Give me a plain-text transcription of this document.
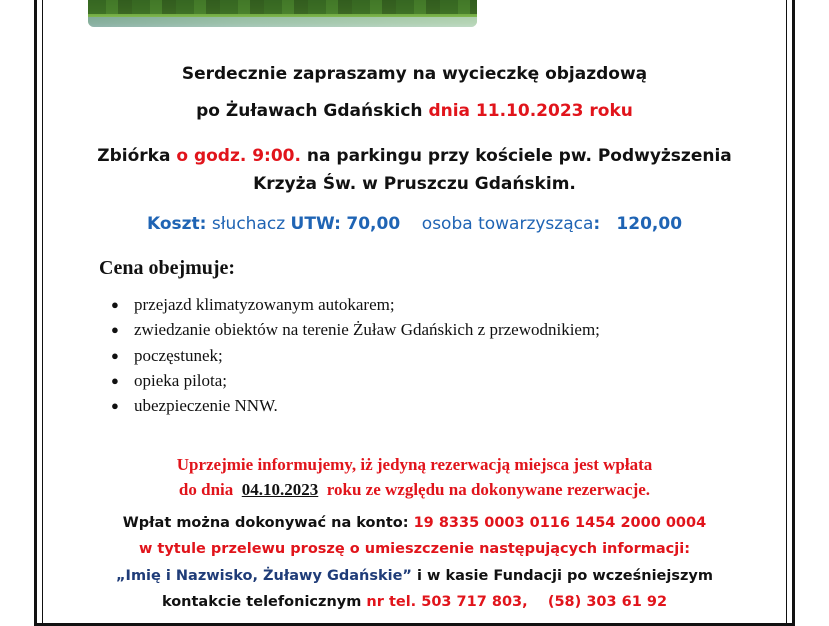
Serdecznie zapraszamy na wycieczkę objazdową
po Żuławach Gdańskich dnia 11.10.2023 roku
Zbiórka o godz. 9:00. na parkingu przy kościele pw. Podwyższenia
Krzyża Św. w Pruszczu Gdańskim.
Koszt: słuchacz UTW: 70,00 osoba towarzysząca: 120,00
Cena obejmuje:
● przejazd klimatyzowanym autokarem;
● zwiedzanie obiektów na terenie Żuław Gdańskich z przewodnikiem;
● poczęstunek;
● opieka pilota;
● ubezpieczenie NNW.
Uprzejmie informujemy, iż jedyną rezerwacją miejsca jest wpłata
do dnia 04.10.2023 roku ze względu na dokonywane rezerwacje.
Wpłat można dokonywać na konto: 19 8335 0003 0116 1454 2000 0004
w tytule przelewu proszę o umieszczenie następujących informacji:
„Imię i Nazwisko, Żuławy Gdańskie” i w kasie Fundacji po wcześniejszym
kontakcie telefonicznym nr tel. 503 717 803,    (58) 303 61 92
